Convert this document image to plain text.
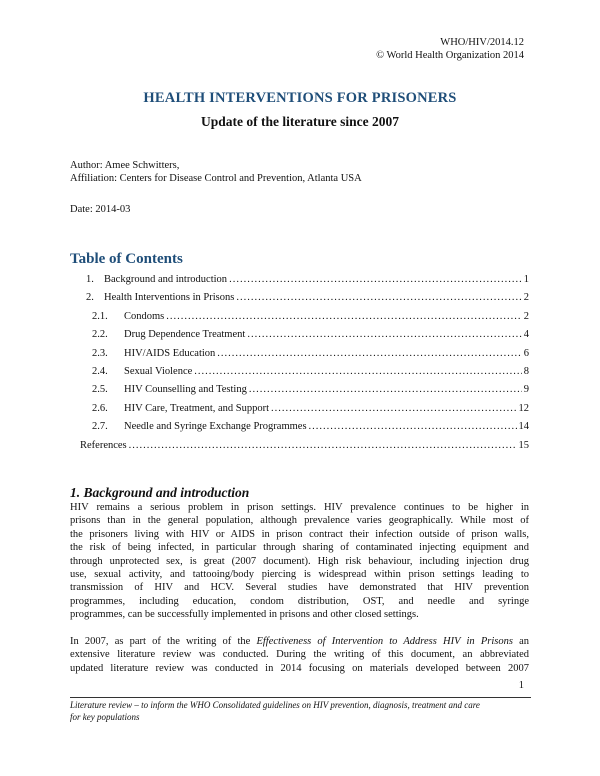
WHO/HIV/2014.12
© World Health Organization 2014
HEALTH INTERVENTIONS FOR PRISONERS
Update of the literature since 2007
Author: Amee Schwitters,
Affiliation: Centers for Disease Control and Prevention, Atlanta USA
Date: 2014-03
Table of Contents
1. Background and introduction .....	1
2. Health Interventions in Prisons .....	2
2.1.	Condoms .....	2
2.2.	Drug Dependence Treatment .....	4
2.3.	HIV/AIDS Education .....	6
2.4.	Sexual Violence .....	8
2.5.	HIV Counselling and Testing .....	9
2.6.	HIV Care, Treatment, and Support .....	12
2.7.	Needle and Syringe Exchange Programmes .....	14
References .....	15
1. Background and introduction
HIV remains a serious problem in prison settings. HIV prevalence continues to be higher in
prisons than in the general population, although prevalence varies geographically. While most of
the prisoners living with HIV or AIDS in prison contract their infection outside of prison walls,
the risk of being infected, in particular through sharing of contaminated injecting equipment and
through unprotected sex, is great (2007 document). High risk behaviour, including injection drug
use, sexual activity, and tattooing/body piercing is widespread within prison settings leading to
transmission of HIV and HCV. Several studies have demonstrated that HIV prevention
programmes, including education, condom distribution, OST, and needle and syringe
programmes, can be successfully implemented in prisons and other closed settings.
In 2007, as part of the writing of the Effectiveness of Intervention to Address HIV in Prisons an
extensive literature review was conducted. During the writing of this document, an abbreviated
updated literature review was conducted in 2014 focusing on materials developed between 2007
1
Literature review – to inform the WHO Consolidated guidelines on HIV prevention, diagnosis, treatment and care
for key populations
